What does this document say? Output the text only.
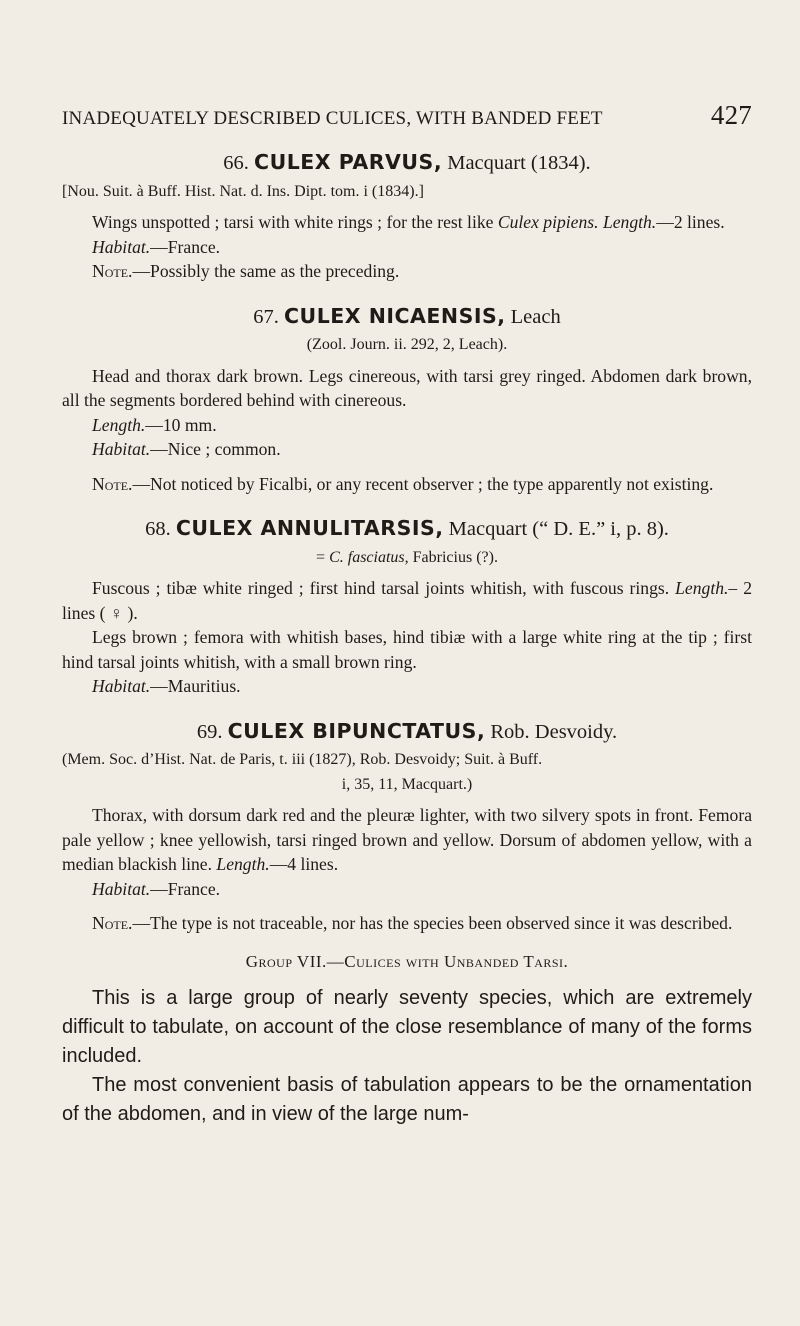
INADEQUATELY DESCRIBED CULICES, WITH BANDED FEET	427
66. CULEX PARVUS, Macquart (1834).
[Nou. Suit. à Buff. Hist. Nat. d. Ins. Dipt. tom. i (1834).]

Wings unspotted ; tarsi with white rings ; for the rest like Culex pipiens. Length.—2 lines.

Habitat.—France.

Note.—Possibly the same as the preceding.

67. CULEX NICAENSIS, Leach
(Zool. Journ. ii. 292, 2, Leach).

Head and thorax dark brown. Legs cinereous, with tarsi grey ringed. Abdomen dark brown, all the segments bordered behind with cinereous.

Length.—10 mm.

Habitat.—Nice ; common.

Note.—Not noticed by Ficalbi, or any recent observer ; the type apparently not existing.

68. CULEX ANNULITARSIS, Macquart (“ D. E.” i, p. 8).
= C. fasciatus, Fabricius (?).

Fuscous ; tibæ white ringed ; first hind tarsal joints whitish, with fuscous rings. Length.– 2 lines ( ♀ ).

Legs brown ; femora with whitish bases, hind tibiæ with a large white ring at the tip ; first hind tarsal joints whitish, with a small brown ring.

Habitat.—Mauritius.

69. CULEX BIPUNCTATUS, Rob. Desvoidy.
(Mem. Soc. d’Hist. Nat. de Paris, t. iii (1827), Rob. Desvoidy; Suit. à Buff.
i, 35, 11, Macquart.)

Thorax, with dorsum dark red and the pleuræ lighter, with two silvery spots in front. Femora pale yellow ; knee yellowish, tarsi ringed brown and yellow. Dorsum of abdomen yellow, with a median blackish line. Length.—4 lines.

Habitat.—France.

Note.—The type is not traceable, nor has the species been observed since it was described.

Group VII.—Culices with Unbanded Tarsi.

This is a large group of nearly seventy species, which are extremely difficult to tabulate, on account of the close resemblance of many of the forms included.

The most convenient basis of tabulation appears to be the ornamentation of the abdomen, and in view of the large num-
